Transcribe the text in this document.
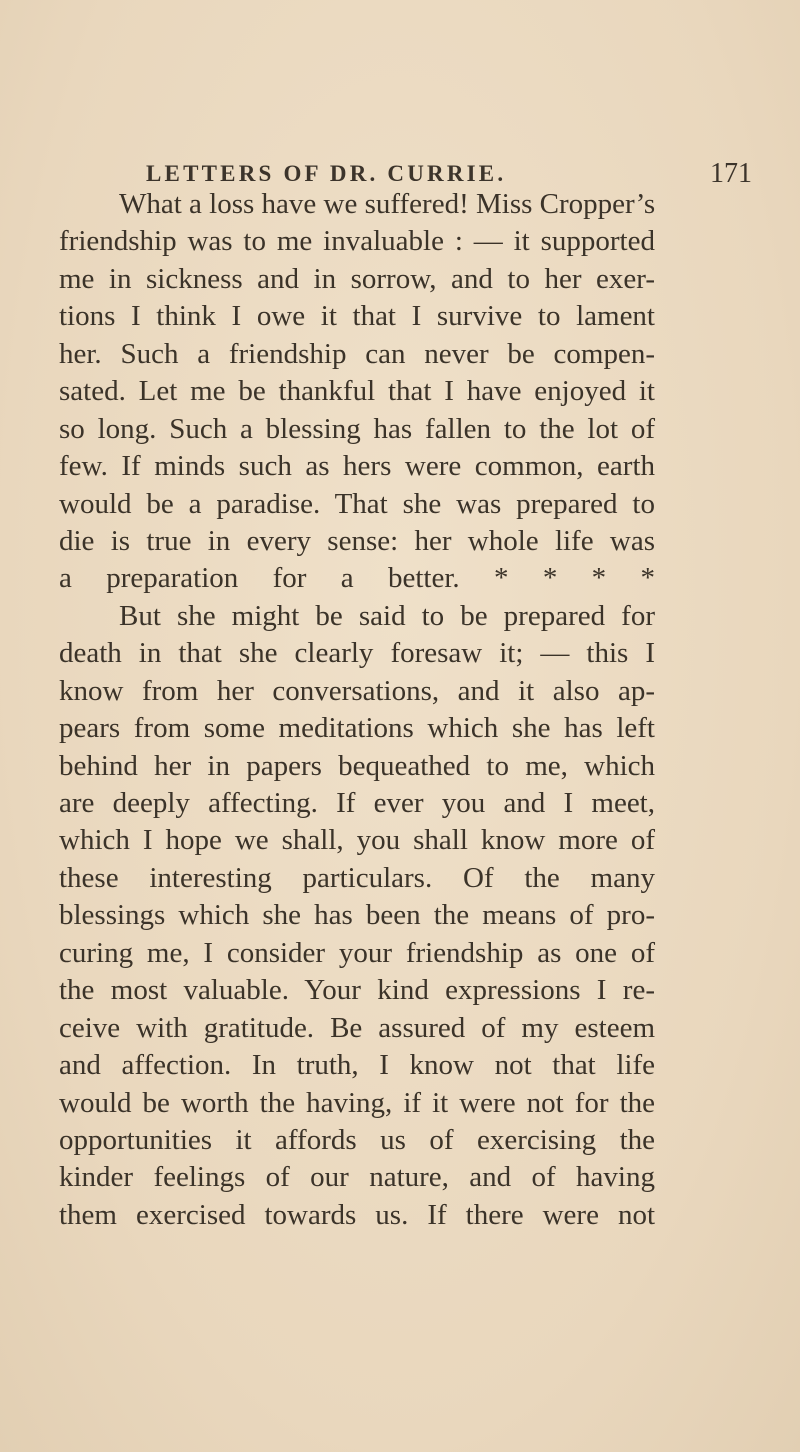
LETTERS OF DR. CURRIE.	171
What a loss have we suffered! Miss Cropper’s
friendship was to me invaluable : — it supported
me in sickness and in sorrow, and to her exer-
tions I think I owe it that I survive to lament
her. Such a friendship can never be compen-
sated. Let me be thankful that I have enjoyed it
so long. Such a blessing has fallen to the lot of
few. If minds such as hers were common, earth
would be a paradise. That she was prepared to
die is true in every sense: her whole life was
a preparation for a better. * * * *
But she might be said to be prepared for
death in that she clearly foresaw it; — this I
know from her conversations, and it also ap-
pears from some meditations which she has left
behind her in papers bequeathed to me, which
are deeply affecting. If ever you and I meet,
which I hope we shall, you shall know more of
these interesting particulars. Of the many
blessings which she has been the means of pro-
curing me, I consider your friendship as one of
the most valuable. Your kind expressions I re-
ceive with gratitude. Be assured of my esteem
and affection. In truth, I know not that life
would be worth the having, if it were not for the
opportunities it affords us of exercising the
kinder feelings of our nature, and of having
them exercised towards us. If there were not
